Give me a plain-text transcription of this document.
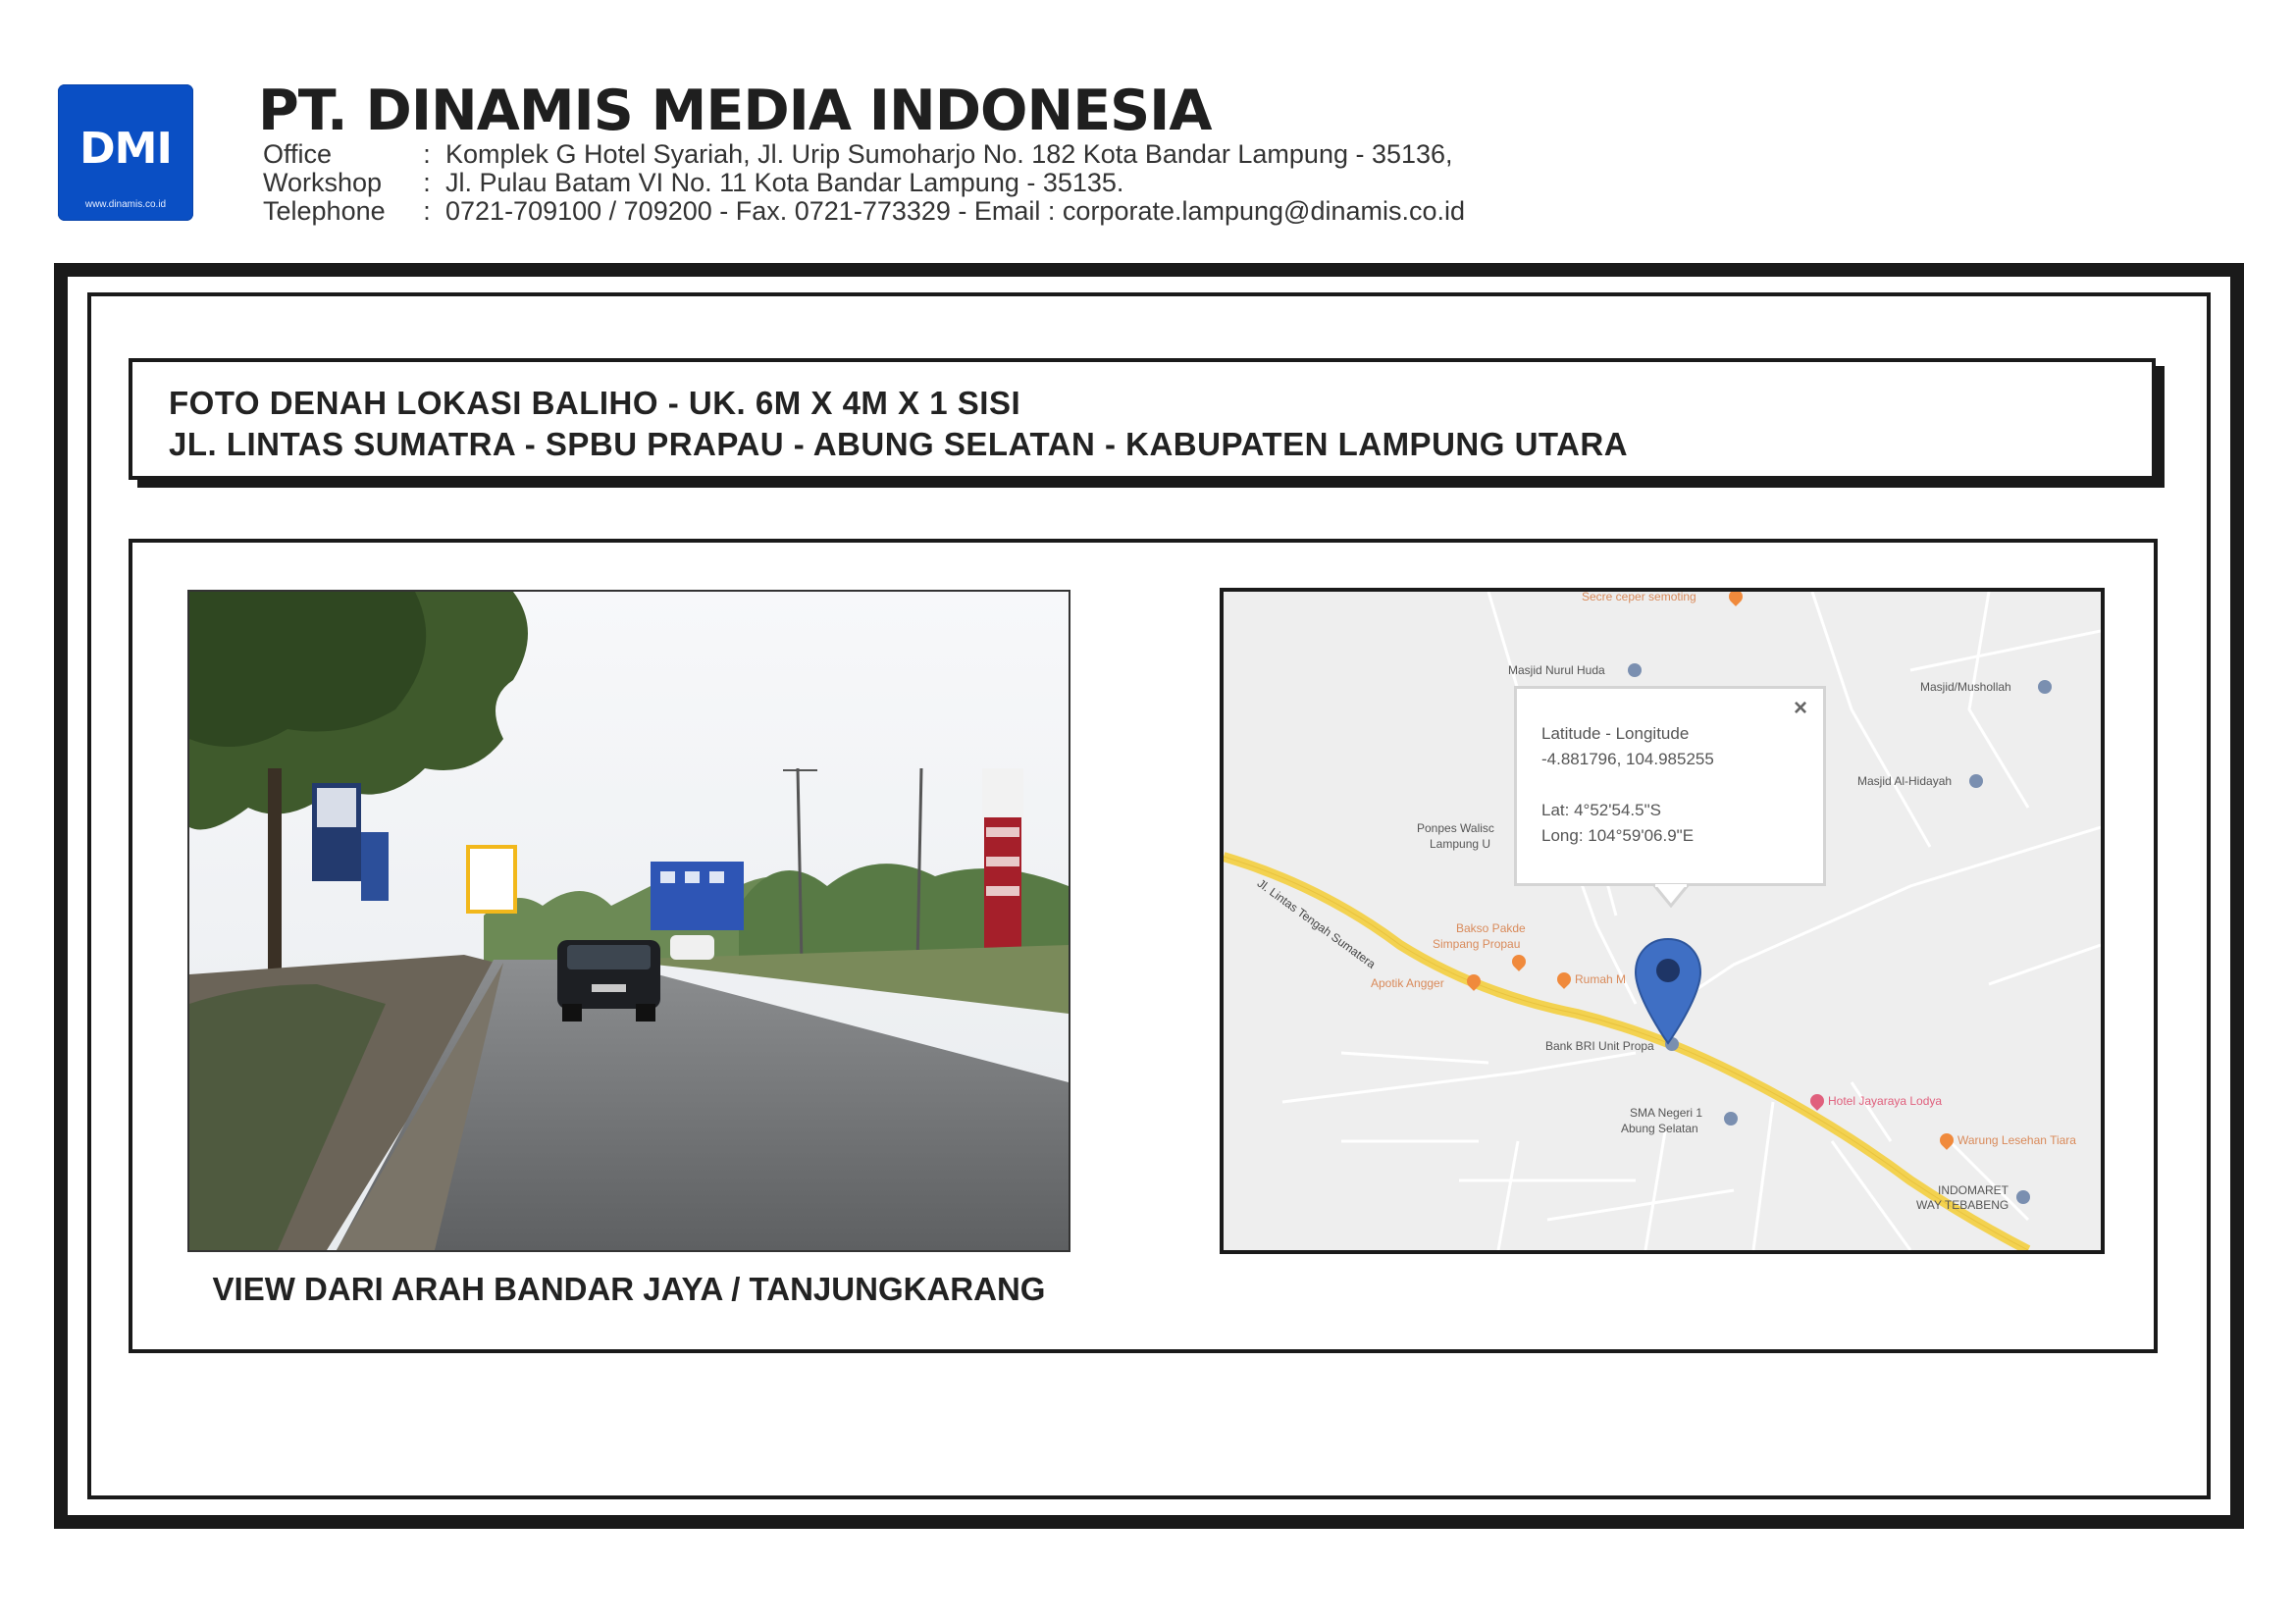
DMI
www.dinamis.co.id
PT. DINAMIS MEDIA INDONESIA
Office	: Komplek G Hotel Syariah, Jl. Urip Sumoharjo No. 182 Kota Bandar Lampung - 35136,
Workshop : Jl. Pulau Batam VI No. 11 Kota Bandar Lampung - 35135.
Telephone : 0721-709100 / 709200 - Fax. 0721-773329 - Email : corporate.lampung@dinamis.co.id
FOTO DENAH LOKASI BALIHO - UK. 6M X 4M X 1 SISI
JL. LINTAS SUMATRA - SPBU PRAPAU - ABUNG SELATAN - KABUPATEN LAMPUNG UTARA
VIEW DARI ARAH BANDAR JAYA / TANJUNGKARANG
Jl. Lintas Tengah Sumatera
Secre ceper semoting
Masjid Nurul Huda
Masjid/Mushollah
Masjid Al-Hidayah
Ponpes Walisc
Lampung U
Bakso Pakde
Simpang Propau
Apotik Angger	Rumah M
Bank BRI Unit Propa
Hotel Jayaraya Lodya
SMA Negeri 1
Abung Selatan
Warung Lesehan Tiara
INDOMARET
WAY TEBABENG
×
Latitude - Longitude
-4.881796, 104.985255
Lat: 4°52'54.5"S
Long: 104°59'06.9"E
